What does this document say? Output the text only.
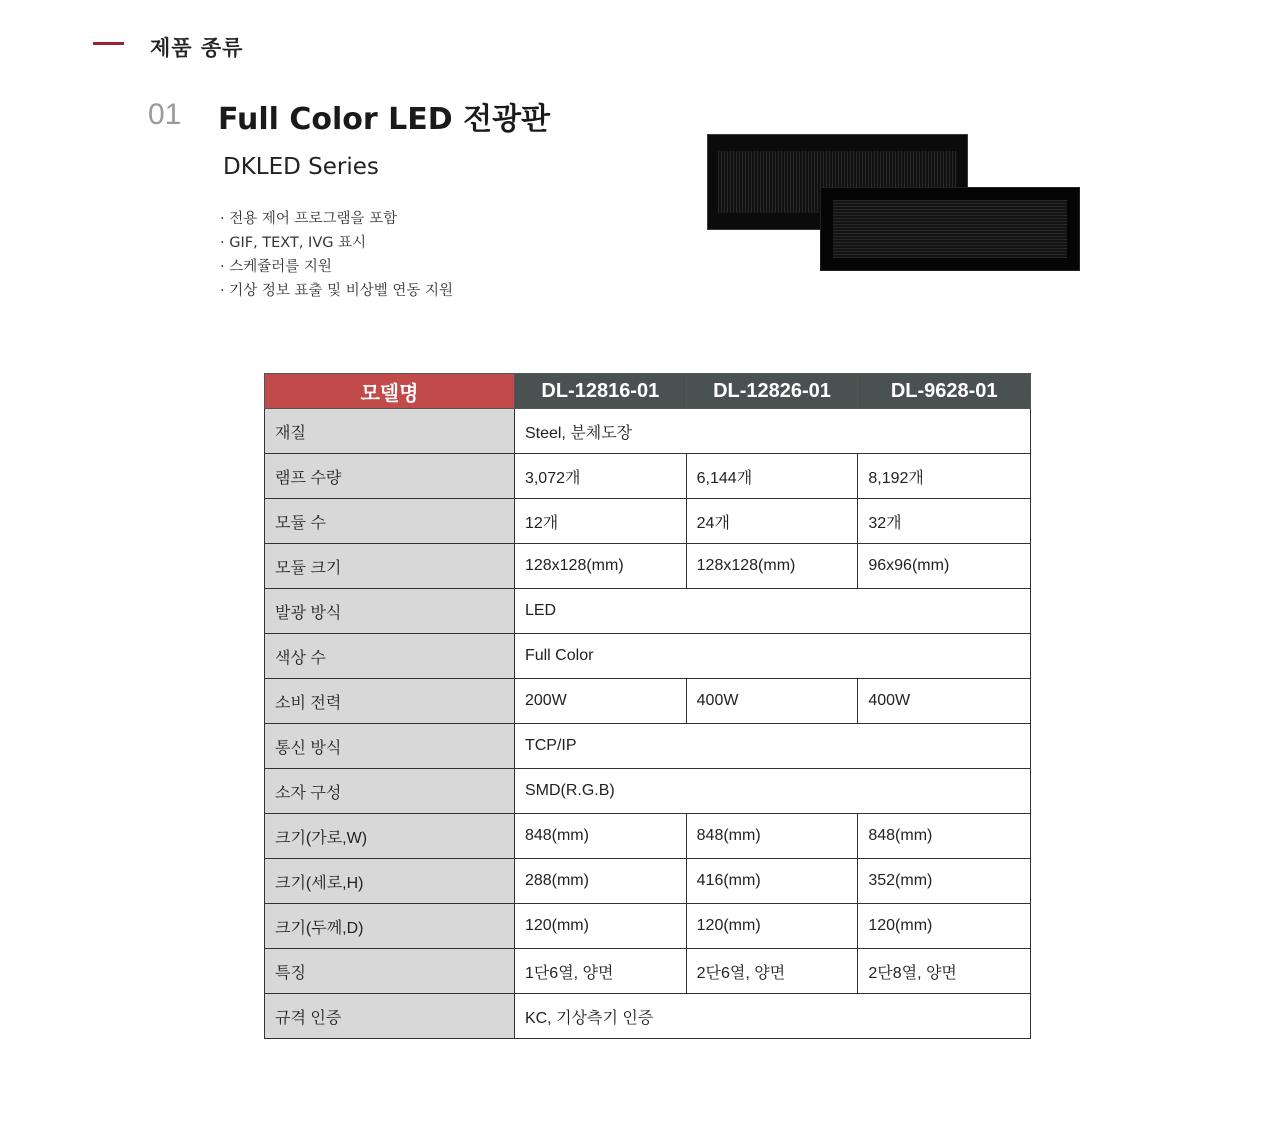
제품 종류
01 Full Color LED 전광판
DKLED Series
· 전용 제어 프로그램을 포함
· GIF, TEXT, IVG 표시
· 스케쥴러를 지원
· 기상 정보 표출 및 비상벨 연동 지원
모델명	DL-12816-01	DL-12826-01	DL-9628-01
재질	Steel, 분체도장		
램프 수량	3,072개	6,144개	8,192개
모듈 수	12개	24개	32개
모듈 크기	128x128(mm)	128x128(mm)	96x96(mm)
발광 방식	LED		
색상 수	Full Color		
소비 전력	200W	400W	400W
통신 방식	TCP/IP		
소자 구성	SMD(R.G.B)		
크기(가로,W)	848(mm)	848(mm)	848(mm)
크기(세로,H)	288(mm)	416(mm)	352(mm)
크기(두께,D)	120(mm)	120(mm)	120(mm)
특징	1단6열, 양면	2단6열, 양면	2단8열, 양면
규격 인증	KC, 기상측기 인증		
